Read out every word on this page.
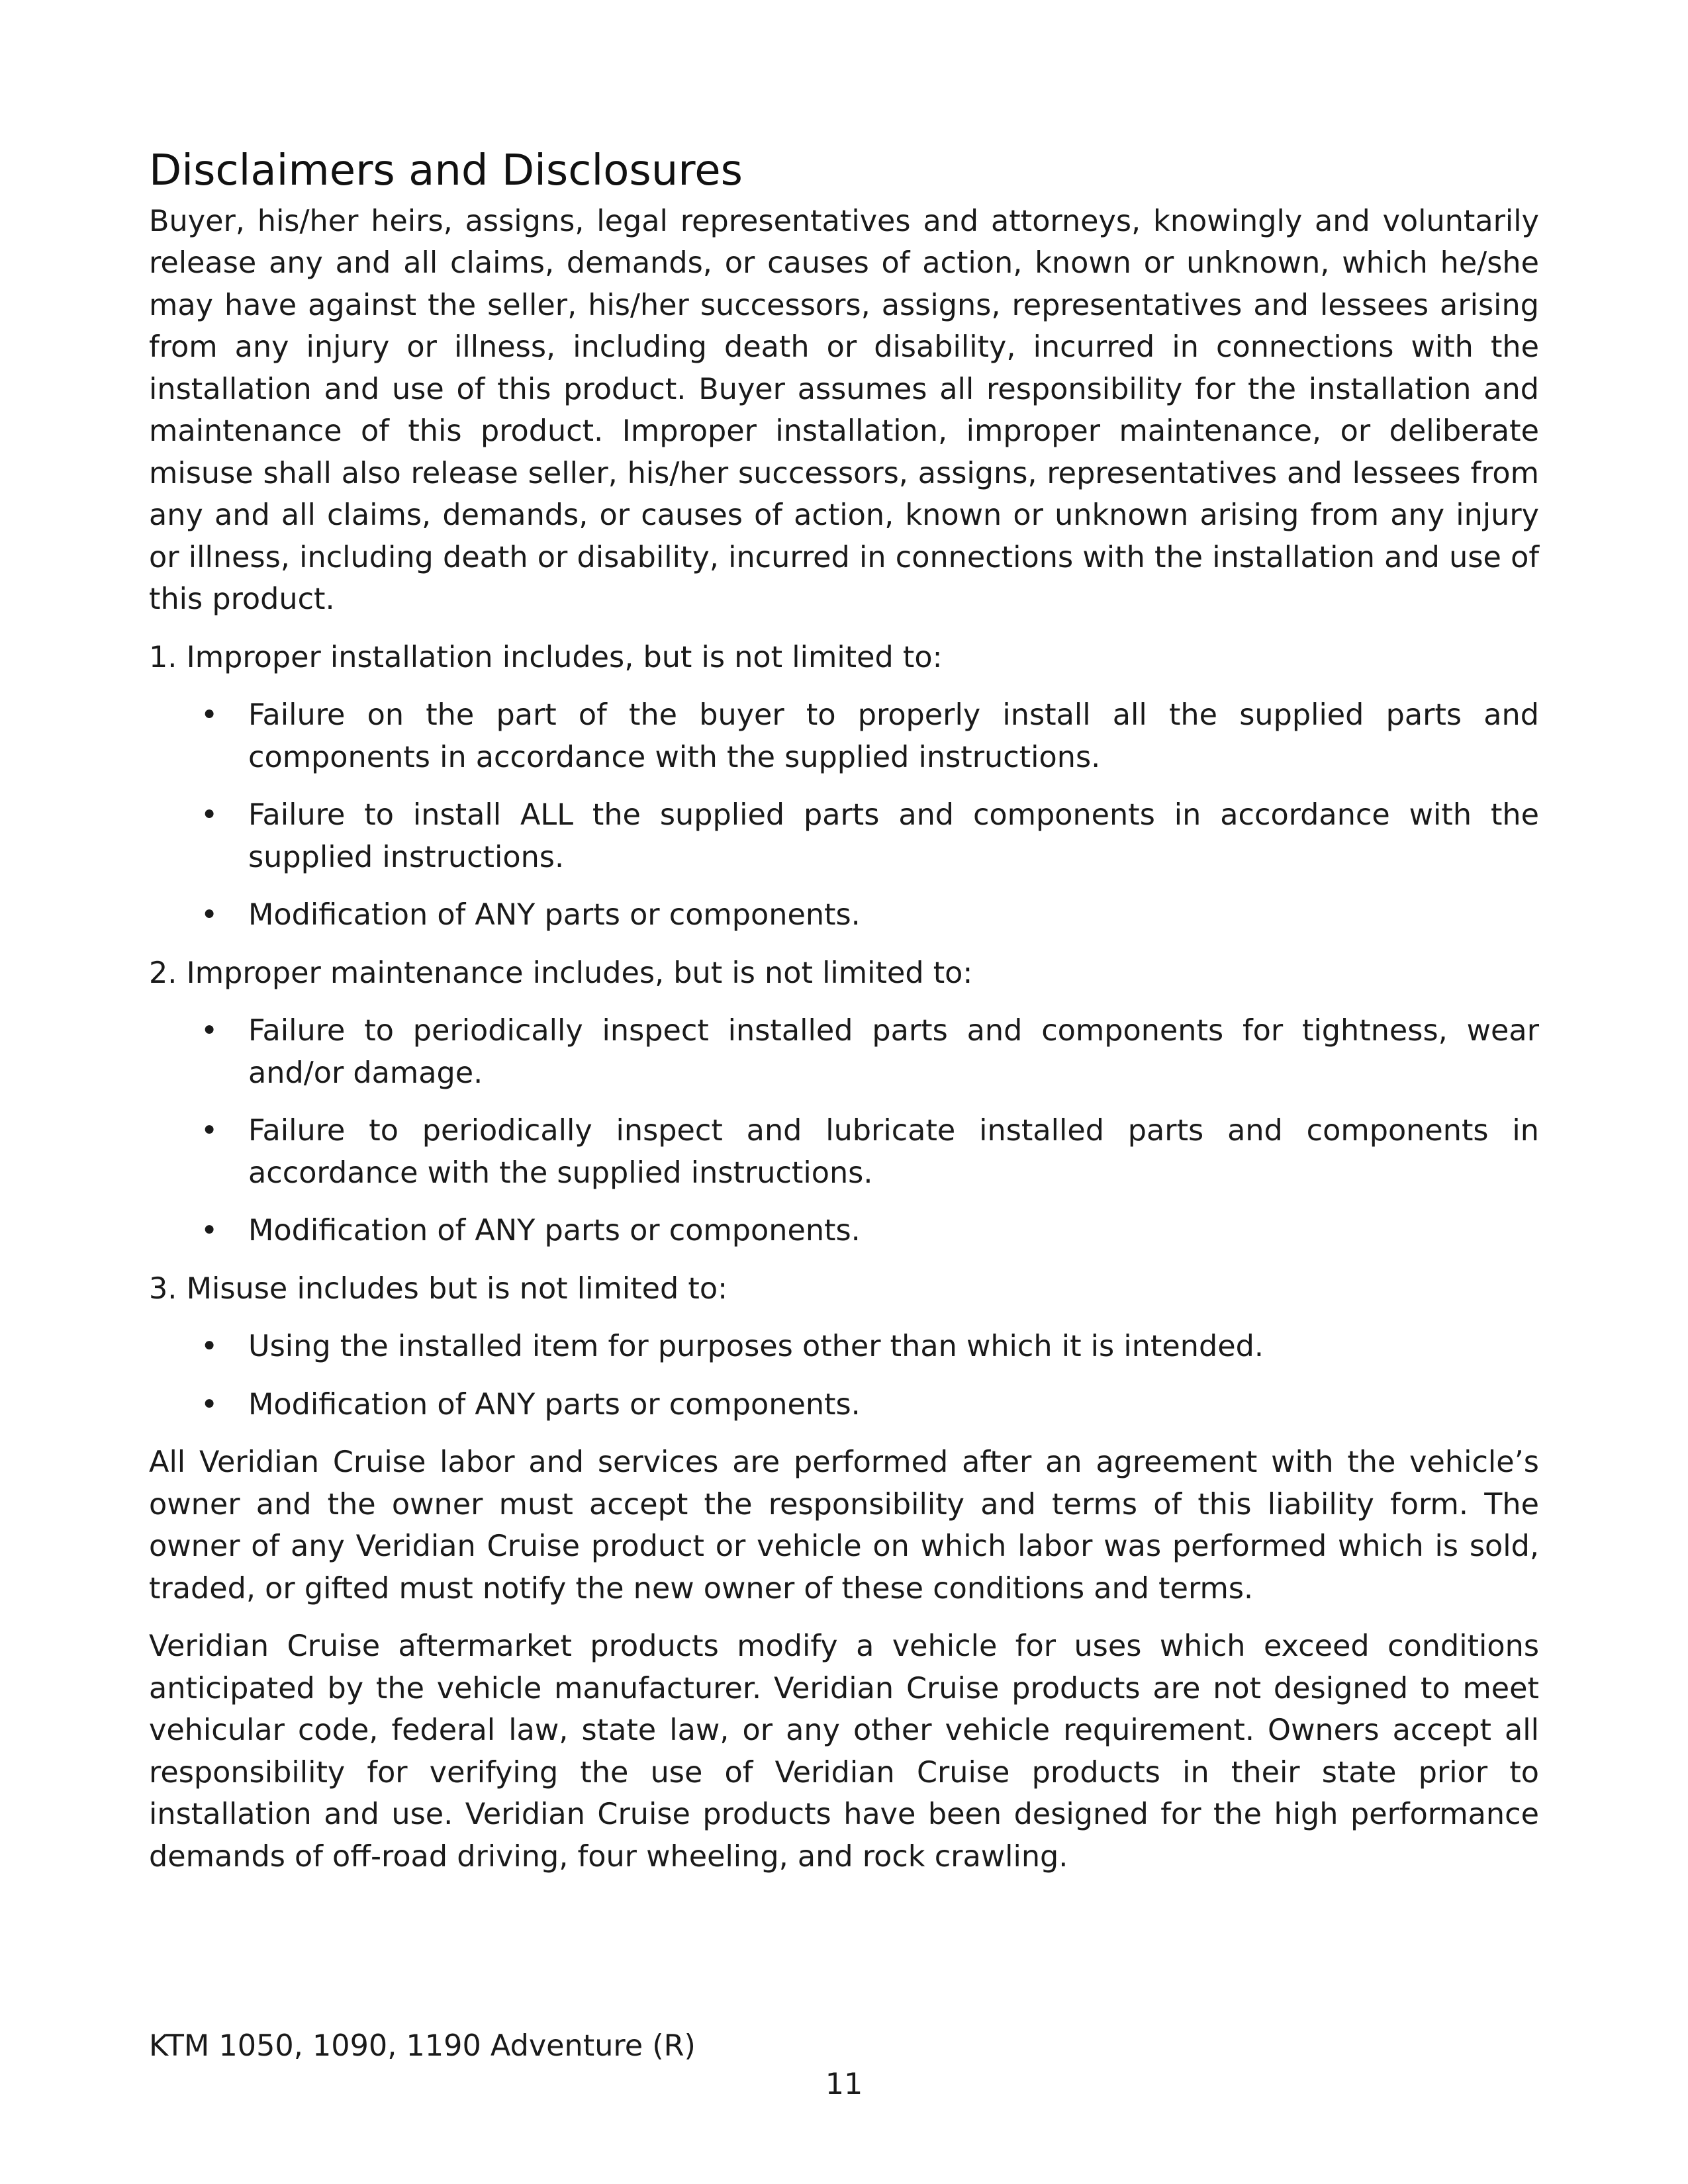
Disclaimers and Disclosures

Buyer, his/her heirs, assigns, legal representatives and attorneys, knowingly and voluntarily release any and all claims, demands, or causes of action, known or unknown, which he/she may have against the seller, his/her successors, assigns, representatives and lessees arising from any injury or illness, including death or disability, incurred in connections with the installation and use of this product. Buyer assumes all responsibility for the installation and maintenance of this product. Improper installation, improper maintenance, or deliberate misuse shall also release seller, his/her successors, assigns, representatives and lessees from any and all claims, demands, or causes of action, known or unknown arising from any injury or illness, including death or disability, incurred in connections with the installation and use of this product.

1. Improper installation includes, but is not limited to:
• Failure on the part of the buyer to properly install all the supplied parts and components in accordance with the supplied instructions.
• Failure to install ALL the supplied parts and components in accordance with the supplied instructions.
• Modification of ANY parts or components.
2. Improper maintenance includes, but is not limited to:
• Failure to periodically inspect installed parts and components for tightness, wear and/or damage.
• Failure to periodically inspect and lubricate installed parts and components in accordance with the supplied instructions.
• Modification of ANY parts or components.
3. Misuse includes but is not limited to:
• Using the installed item for purposes other than which it is intended.
• Modification of ANY parts or components.

All Veridian Cruise labor and services are performed after an agreement with the vehicle’s owner and the owner must accept the responsibility and terms of this liability form. The owner of any Veridian Cruise product or vehicle on which labor was performed which is sold, traded, or gifted must notify the new owner of these conditions and terms.

Veridian Cruise aftermarket products modify a vehicle for uses which exceed conditions anticipated by the vehicle manufacturer. Veridian Cruise products are not designed to meet vehicular code, federal law, state law, or any other vehicle requirement. Owners accept all responsibility for verifying the use of Veridian Cruise products in their state prior to installation and use. Veridian Cruise products have been designed for the high performance demands of off-road driving, four wheeling, and rock crawling.

KTM 1050, 1090, 1190 Adventure (R)
11
